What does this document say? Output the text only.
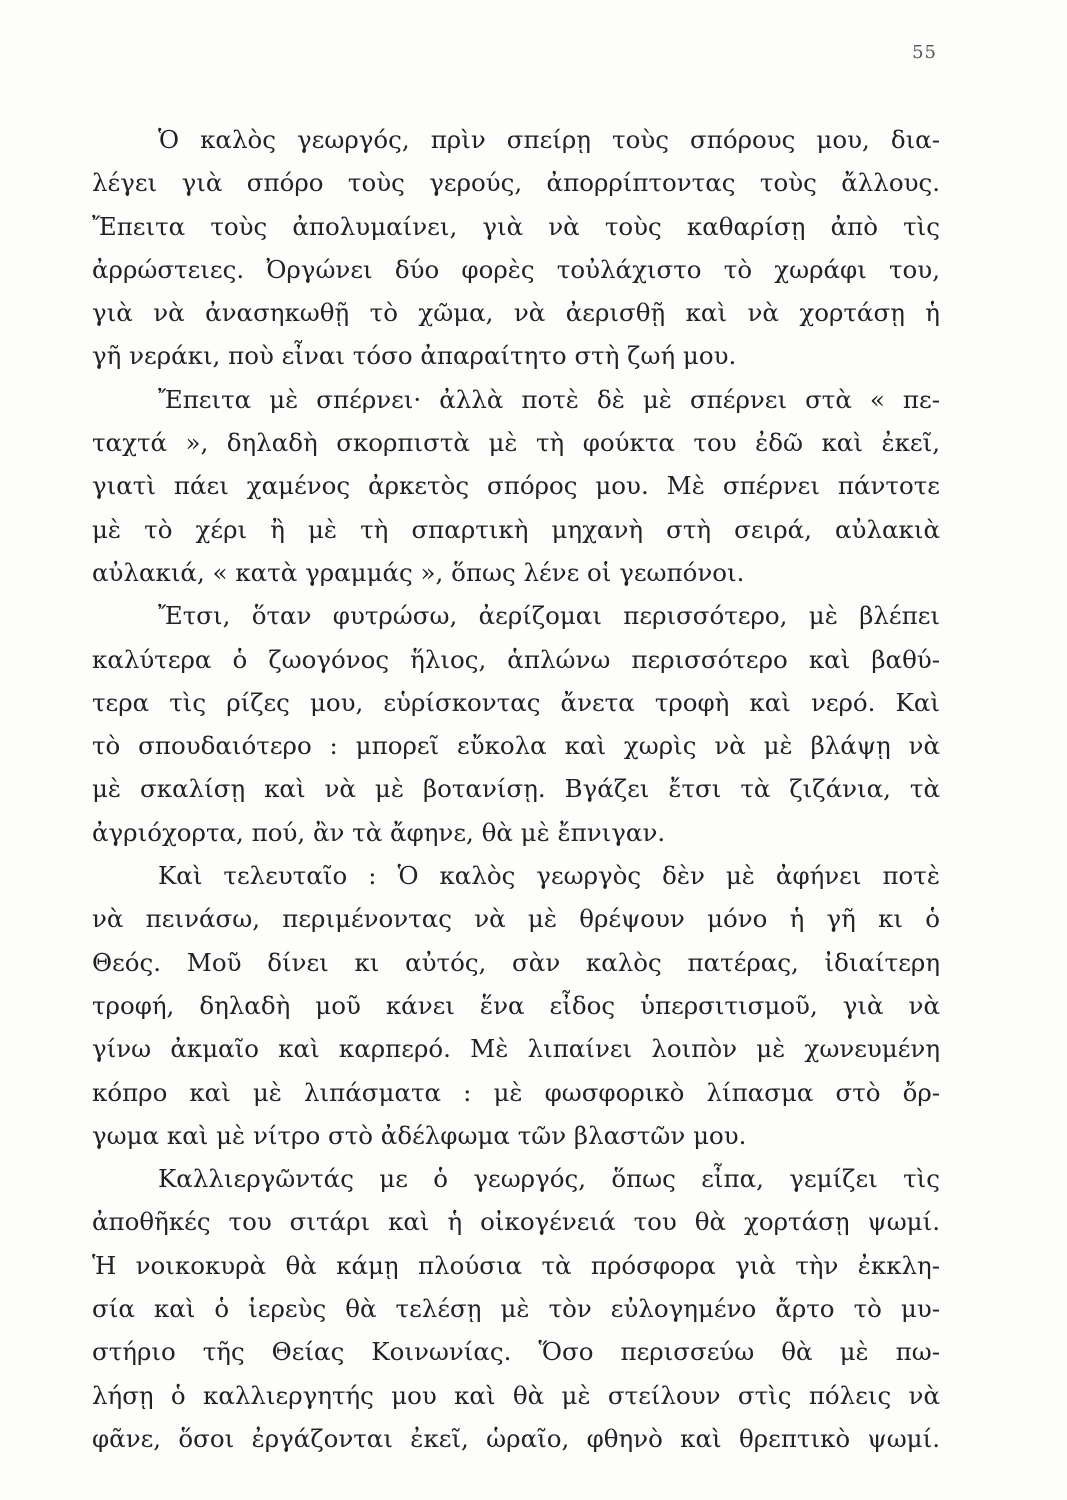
55
Ὁ καλὸς γεωργός, πρὶν σπείρῃ τοὺς σπόρους μου, δια-
λέγει γιὰ σπόρο τοὺς γερούς, ἀπορρίπτοντας τοὺς ἄλλους.
Ἔπειτα τοὺς ἀπολυμαίνει, γιὰ νὰ τοὺς καθαρίσῃ ἀπὸ τὶς
ἀρρώστειες. Ὀργώνει δύο φορὲς τοὐλάχιστο τὸ χωράφι του,
γιὰ νὰ ἀνασηκωθῇ τὸ χῶμα, νὰ ἀερισθῇ καὶ νὰ χορτάσῃ ἡ
γῆ νεράκι, ποὺ εἶναι τόσο ἀπαραίτητο στὴ ζωή μου.
Ἔπειτα μὲ σπέρνει· ἀλλὰ ποτὲ δὲ μὲ σπέρνει στὰ « πε-
ταχτά », δηλαδὴ σκορπιστὰ μὲ τὴ φούκτα του ἐδῶ καὶ ἐκεῖ,
γιατὶ πάει χαμένος ἀρκετὸς σπόρος μου. Μὲ σπέρνει πάντοτε
μὲ τὸ χέρι ἢ μὲ τὴ σπαρτικὴ μηχανὴ στὴ σειρά, αὐλακιὰ
αὐλακιά, « κατὰ γραμμάς », ὅπως λένε οἱ γεωπόνοι.
Ἔτσι, ὅταν φυτρώσω, ἀερίζομαι περισσότερο, μὲ βλέπει
καλύτερα ὁ ζωογόνος ἥλιος, ἁπλώνω περισσότερο καὶ βαθύ-
τερα τὶς ρίζες μου, εὑρίσκοντας ἄνετα τροφὴ καὶ νερό. Καὶ
τὸ σπουδαιότερο : μπορεῖ εὔκολα καὶ χωρὶς νὰ μὲ βλάψῃ νὰ
μὲ σκαλίσῃ καὶ νὰ μὲ βοτανίσῃ. Βγάζει ἔτσι τὰ ζιζάνια, τὰ
ἀγριόχορτα, πού, ἂν τὰ ἄφηνε, θὰ μὲ ἔπνιγαν.
Καὶ τελευταῖο : Ὁ καλὸς γεωργὸς δὲν μὲ ἀφήνει ποτὲ
νὰ πεινάσω, περιμένοντας νὰ μὲ θρέψουν μόνο ἡ γῆ κι ὁ
Θεός. Μοῦ δίνει κι αὐτός, σὰν καλὸς πατέρας, ἰδιαίτερη
τροφή, δηλαδὴ μοῦ κάνει ἕνα εἶδος ὑπερσιτισμοῦ, γιὰ νὰ
γίνω ἀκμαῖο καὶ καρπερό. Μὲ λιπαίνει λοιπὸν μὲ χωνευμένη
κόπρο καὶ μὲ λιπάσματα : μὲ φωσφορικὸ λίπασμα στὸ ὄρ-
γωμα καὶ μὲ νίτρο στὸ ἀδέλφωμα τῶν βλαστῶν μου.
Καλλιεργῶντάς με ὁ γεωργός, ὅπως εἶπα, γεμίζει τὶς
ἀποθῆκές του σιτάρι καὶ ἡ οἰκογένειά του θὰ χορτάσῃ ψωμί.
Ἡ νοικοκυρὰ θὰ κάμῃ πλούσια τὰ πρόσφορα γιὰ τὴν ἐκκλη-
σία καὶ ὁ ἱερεὺς θὰ τελέσῃ μὲ τὸν εὐλογημένο ἄρτο τὸ μυ-
στήριο τῆς Θείας Κοινωνίας. Ὅσο περισσεύω θὰ μὲ πω-
λήσῃ ὁ καλλιεργητής μου καὶ θὰ μὲ στείλουν στὶς πόλεις νὰ
φᾶνε, ὅσοι ἐργάζονται ἐκεῖ, ὡραῖο, φθηνὸ καὶ θρεπτικὸ ψωμί.
